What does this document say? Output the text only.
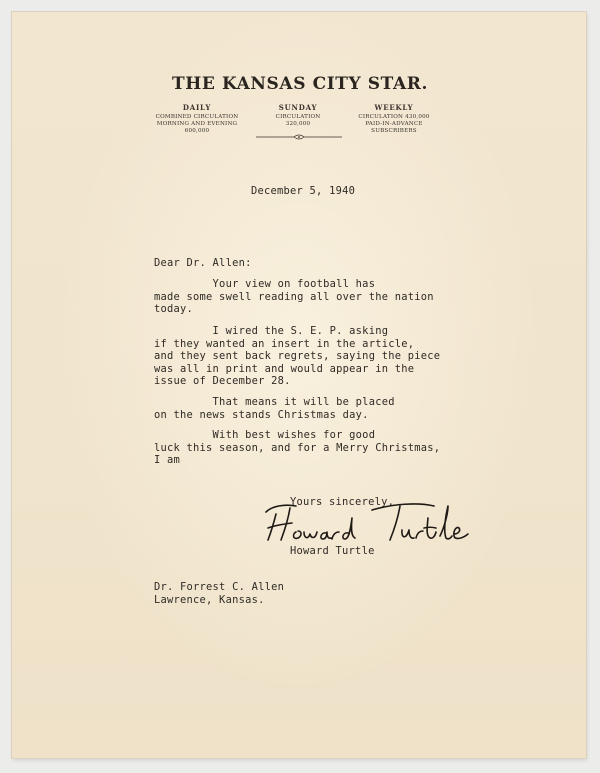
THE KANSAS CITY STAR.
DAILY
COMBINED CIRCULATION
MORNING AND EVENING
600,000
SUNDAY
CIRCULATION
320,000
WEEKLY
CIRCULATION 430,000
PAID-IN-ADVANCE
SUBSCRIBERS
December 5, 1940
Dear Dr. Allen:
Your view on football has
made some swell reading all over the nation
today.
I wired the S. E. P. asking
if they wanted an insert in the article,
and they sent back regrets, saying the piece
was all in print and would appear in the
issue of December 28.
That means it will be placed
on the news stands Christmas day.
With best wishes for good
luck this season, and for a Merry Christmas,
I am
Yours sincerely,
Howard Turtle
Dr. Forrest C. Allen
Lawrence, Kansas.
